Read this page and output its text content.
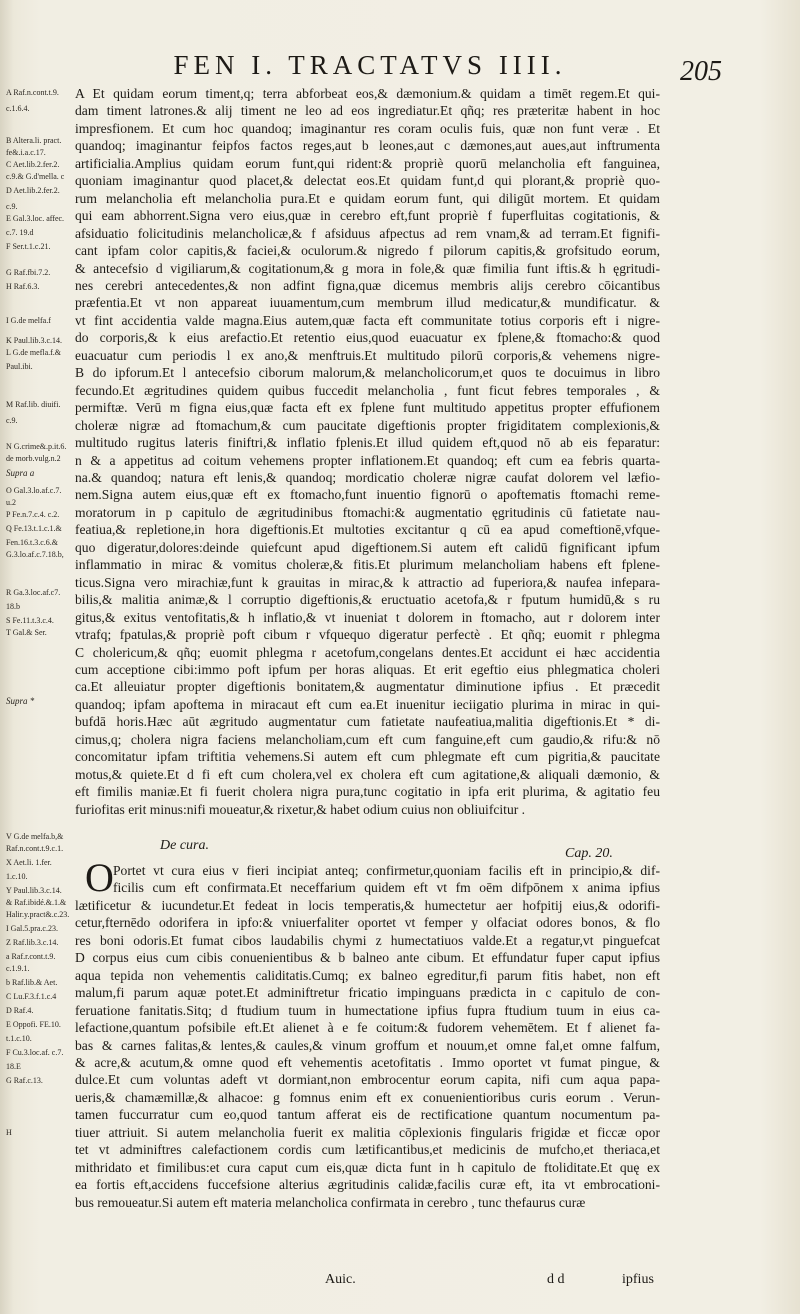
FEN I. TRACTATVS IIII.	205
A Raf.n.cont.t.9.
c.1.6.4.
B Altera.li. pract.
fe&.i.a.c.17.
C Aet.lib.2.fer.2.
c.9.& G.d'mella. c
D Aet.lib.2.fer.2.
c.9.
E Gal.3.loc. affec.
c.7. 19.d
F Ser.t.1.c.21.
G Raf.fbi.7.2.
H Raf.6.3.
I G.de melfa.f
K Paul.lib.3.c.14.
L G.de mefla.f.&
Paul.ibi.
M Raf.lib. diuifi.
c.9.
N G.crime&.p.it.6.
de morb.vulg.n.2
Supra a
O Gal.3.lo.af.c.7.
u.2
P Fe.n.7.c.4. c.2.
Q Fe.13.t.1.c.1.&
Fen.16.t.3.c.6.&
G.3.lo.af.c.7.18.b,
R Ga.3.loc.af.c7.
18.b
S Fe.11.t.3.c.4.
T Gal.& Ser.
Supra *
V G.de melfa.b,&
Raf.n.cont.t.9.c.1.
X Aet.li. 1.fer.
1.c.10.
Y Paul.lib.3.c.14.
& Raf.ibidé.&.1.&
Halir.y.pract&.c.23.
I Gal.5.pra.c.23.
Z Raf.lib.3.c.14.
a Raf.r.cont.t.9.
c.1.9.1.
b Raf.lib.& Aet.
C Lu.F.3.f.1.c.4
D Raf.4.
E Oppofi. FE.10.
t.1.c.10.
F Cu.3.loc.af. c.7.
18.E
G Raf.c.13.
H
A Et quidam eorum timent,q; terra abforbeat eos,& dæmonium.& quidam a timēt regem.Et qui-
dam timent latrones.& alij timent ne leo ad eos ingrediatur.Et qñq; res præteritæ habent in hoc
impresfionem. Et cum hoc quandoq; imaginantur res coram oculis fuis, quæ non funt veræ . Et
quandoq; imaginantur feipfos factos reges,aut b leones,aut c dæmones,aut aues,aut inftrumenta
artificialia.Amplius quidam eorum funt,qui rident:& propriè quorū melancholia eft fanguinea,
quoniam imaginantur quod placet,& delectat eos.Et quidam funt,d qui plorant,& propriè quo-
rum melancholia eft melancholia pura.Et e quidam eorum funt, qui diligūt mortem. Et quidam
qui eam abhorrent.Signa vero eius,quæ in cerebro eft,funt propriè f fuperfluitas cogitationis, &
afsiduatio folicitudinis melancholicæ,& f afsiduus afpectus ad rem vnam,& ad terram.Et fignifi-
cant ipfam color capitis,& faciei,& oculorum.& nigredo f pilorum capitis,& grofsitudo eorum,
& antecefsio d vigiliarum,& cogitationum,& g mora in fole,& quæ fimilia funt iftis.& h ęgritudi-
nes cerebri antecedentes,& non adfint figna,quæ dicemus membris alijs cerebro cōicantibus
præfentia.Et vt non appareat iuuamentum,cum membrum illud medicatur,& mundificatur. &
vt fint accidentia valde magna.Eius autem,quæ facta eft communitate totius corporis eft i nigre-
do corporis,& k eius arefactio.Et retentio eius,quod euacuatur ex fplene,& ftomacho:& quod
euacuatur cum periodis l ex ano,& menftruis.Et multitudo pilorū corporis,& vehemens nigre-
B do ipforum.Et l antecefsio ciborum malorum,& melancholicorum,et quos te docuimus in libro
fecundo.Et ægritudines quidem quibus fuccedit melancholia , funt ficut febres temporales , &
permiftæ. Verū m figna eius,quæ facta eft ex fplene funt multitudo appetitus propter effufionem
choleræ nigræ ad ftomachum,& cum paucitate digeftionis propter frigiditatem complexionis,&
multitudo rugitus lateris finiftri,& inflatio fplenis.Et illud quidem eft,quod nō ab eis feparatur:
n & a appetitus ad coitum vehemens propter inflationem.Et quandoq; eft cum ea febris quarta-
na.& quandoq; natura eft lenis,& quandoq; mordicatio choleræ nigræ caufat dolorem vel læfio-
nem.Signa autem eius,quæ eft ex ftomacho,funt inuentio fignorū o apoftematis ftomachi reme-
moratorum in p capitulo de ægritudinibus ftomachi:& augmentatio ęgritudinis cū fatietate nau-
featiua,& repletione,in hora digeftionis.Et multoties excitantur q cū ea apud comeftionē,vfque-
quo digeratur,dolores:deinde quiefcunt apud digeftionem.Si autem eft calidū fignificant ipfum
inflammatio in mirac & vomitus choleræ,& fitis.Et plurimum melancholiam habens eft fplene-
ticus.Signa vero mirachiæ,funt k grauitas in mirac,& k attractio ad fuperiora,& naufea infepara-
bilis,& malitia animæ,& l corruptio digeftionis,& eructuatio acetofa,& r fputum humidū,& s ru
gitus,& exitus ventofitatis,& h inflatio,& vt inueniat t dolorem in ftomacho, aut r dolorem inter
vtrafq; fpatulas,& propriè poft cibum r vfquequo digeratur perfectè . Et qñq; euomit r phlegma
C cholericum,& qñq; euomit phlegma r acetofum,congelans dentes.Et accidunt ei hæc accidentia
cum acceptione cibi:immo poft ipfum per horas aliquas. Et erit egeftio eius phlegmatica choleri
ca.Et alleuiatur propter digeftionis bonitatem,& augmentatur diminutione ipfius . Et præcedit
quandoq; ipfam apoftema in miracaut eft cum ea.Et inuenitur ieciigatio plurima in mirac in qui-
bufdā horis.Hæc aūt ægritudo augmentatur cum fatietate naufeatiua,malitia digeftionis.Et * di-
cimus,q; cholera nigra faciens melancholiam,cum eft cum fanguine,eft cum gaudio,& rifu:& nō
concomitatur ipfam triftitia vehemens.Si autem eft cum phlegmate eft cum pigritia,& paucitate
motus,& quiete.Et d fi eft cum cholera,vel ex cholera eft cum agitatione,& aliquali dæmonio, &
eft fimilis maniæ.Et fi fuerit cholera nigra pura,tunc cogitatio in ipfa erit plurima, & agitatio feu
furiofitas erit minus:nifi moueatur,& rixetur,& habet odium cuius non obliuifcitur .
De cura.
Cap. 20.
O Portet vt cura eius v fieri incipiat anteq; confirmetur,quoniam facilis eft in principio,& dif-
ficilis cum eft confirmata.Et neceffarium quidem eft vt fm oēm difpōnem x anima ipfius
lætificetur & iucundetur.Et fedeat in locis temperatis,& humectetur aer hofpitij eius,& odorifi-
cetur,fternēdo odorifera in ipfo:& vniuerfaliter oportet vt femper y olfaciat odores bonos, & flo
res boni odoris.Et fumat cibos laudabilis chymi z humectatiuos valde.Et a regatur,vt pinguefcat
D corpus eius cum cibis conuenientibus & b balneo ante cibum. Et effundatur fuper caput ipfius
aqua tepida non vehementis caliditatis.Cumq; ex balneo egreditur,fi parum fitis habet, non eft
malum,fi parum aquæ potet.Et adminiftretur fricatio impinguans prædicta in c capitulo de con-
feruatione fanitatis.Sitq; d ftudium tuum in humectatione ipfius fupra ftudium tuum in eius ca-
lefactione,quantum pofsibile eft.Et alienet à e fe coitum:& fudorem vehemētem. Et f alienet fa-
bas & carnes falitas,& lentes,& caules,& vinum groffum et nouum,et omne fal,et omne falfum,
& acre,& acutum,& omne quod eft vehementis acetofitatis . Immo oportet vt fumat pingue, &
dulce.Et cum voluntas adeft vt dormiant,non embrocentur eorum capita, nifi cum aqua papa-
ueris,& chamæmillæ,& alhacoe: g fomnus enim eft ex conuenientioribus curis eorum . Verun-
tamen fuccurratur cum eo,quod tantum afferat eis de rectificatione quantum nocumentum pa-
tiuer attriuit. Si autem melancholia fuerit ex malitia cōplexionis fingularis frigidæ et ficcæ opor
tet vt adminiftres calefactionem cordis cum lætificantibus,et medicinis de mufcho,et theriaca,et
mithridato et fimilibus:et cura caput cum eis,quæ dicta funt in h capitulo de ftoliditate.Et quę ex
ea fortis eft,accidens fuccefsione alterius ægritudinis calidæ,facilis curæ eft, ita vt embrocationi-
bus remoueatur.Si autem eft materia melancholica confirmata in cerebro , tunc thefaurus curæ
Auic.	d d	ipfius
